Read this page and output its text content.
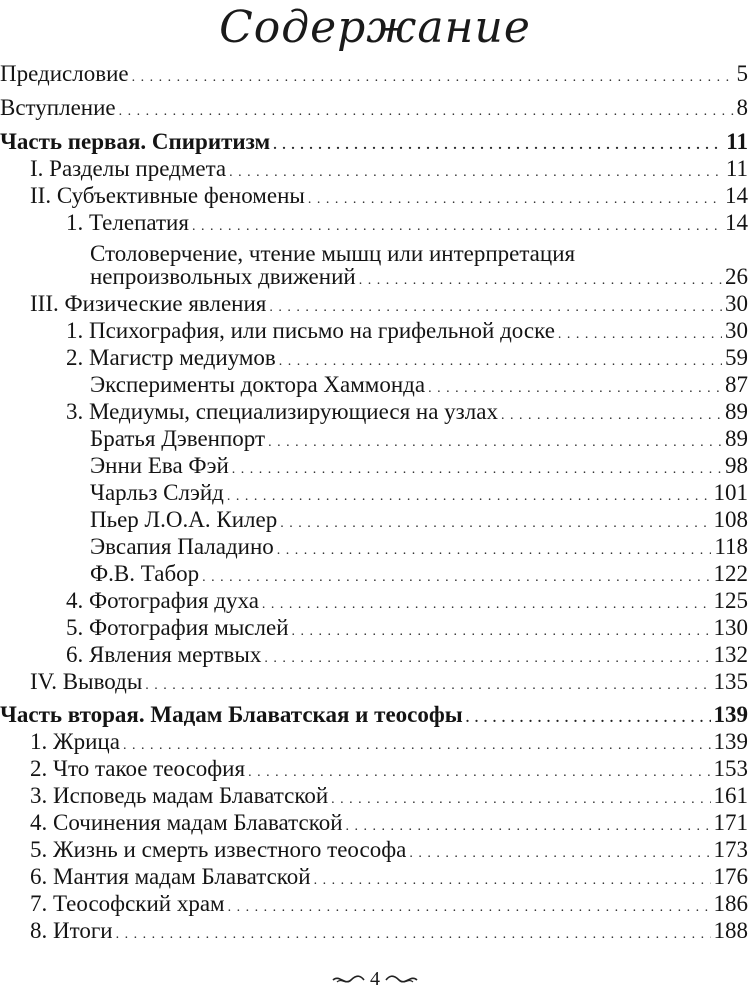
Содержание
Предисловие . . .	5
Вступление . . .	8
Часть первая. Спиритизм . . .	11
I. Разделы предмета . . .	11
II. Субъективные феномены . . .	14
1. Телепатия . . .	14
Столоверчение, чтение мышц или интерпретация
непроизвольных движений . . .	26
III. Физические явления . . .	30
1. Психография, или письмо на грифельной доске . . .	30
2. Магистр медиумов . . .	59
Эксперименты доктора Хаммонда . . .	87
3. Медиумы, специализирующиеся на узлах . . .	89
Братья Дэвенпорт . . .	89
Энни Ева Фэй . . .	98
Чарльз Слэйд . . .	101
Пьер Л.О.А. Килер . . .	108
Эвсапия Паладино . . .	118
Ф.В. Табор . . .	122
4. Фотография духа . . .	125
5. Фотография мыслей . . .	130
6. Явления мертвых . . .	132
IV. Выводы . . .	135
Часть вторая. Мадам Блаватская и теософы . . .	139
1. Жрица . . .	139
2. Что такое теософия . . .	153
3. Исповедь мадам Блаватской . . .	161
4. Сочинения мадам Блаватской . . .	171
5. Жизнь и смерть известного теософа . . .	173
6. Мантия мадам Блаватской . . .	176
7. Теософский храм . . .	186
8. Итоги . . .	188
4
